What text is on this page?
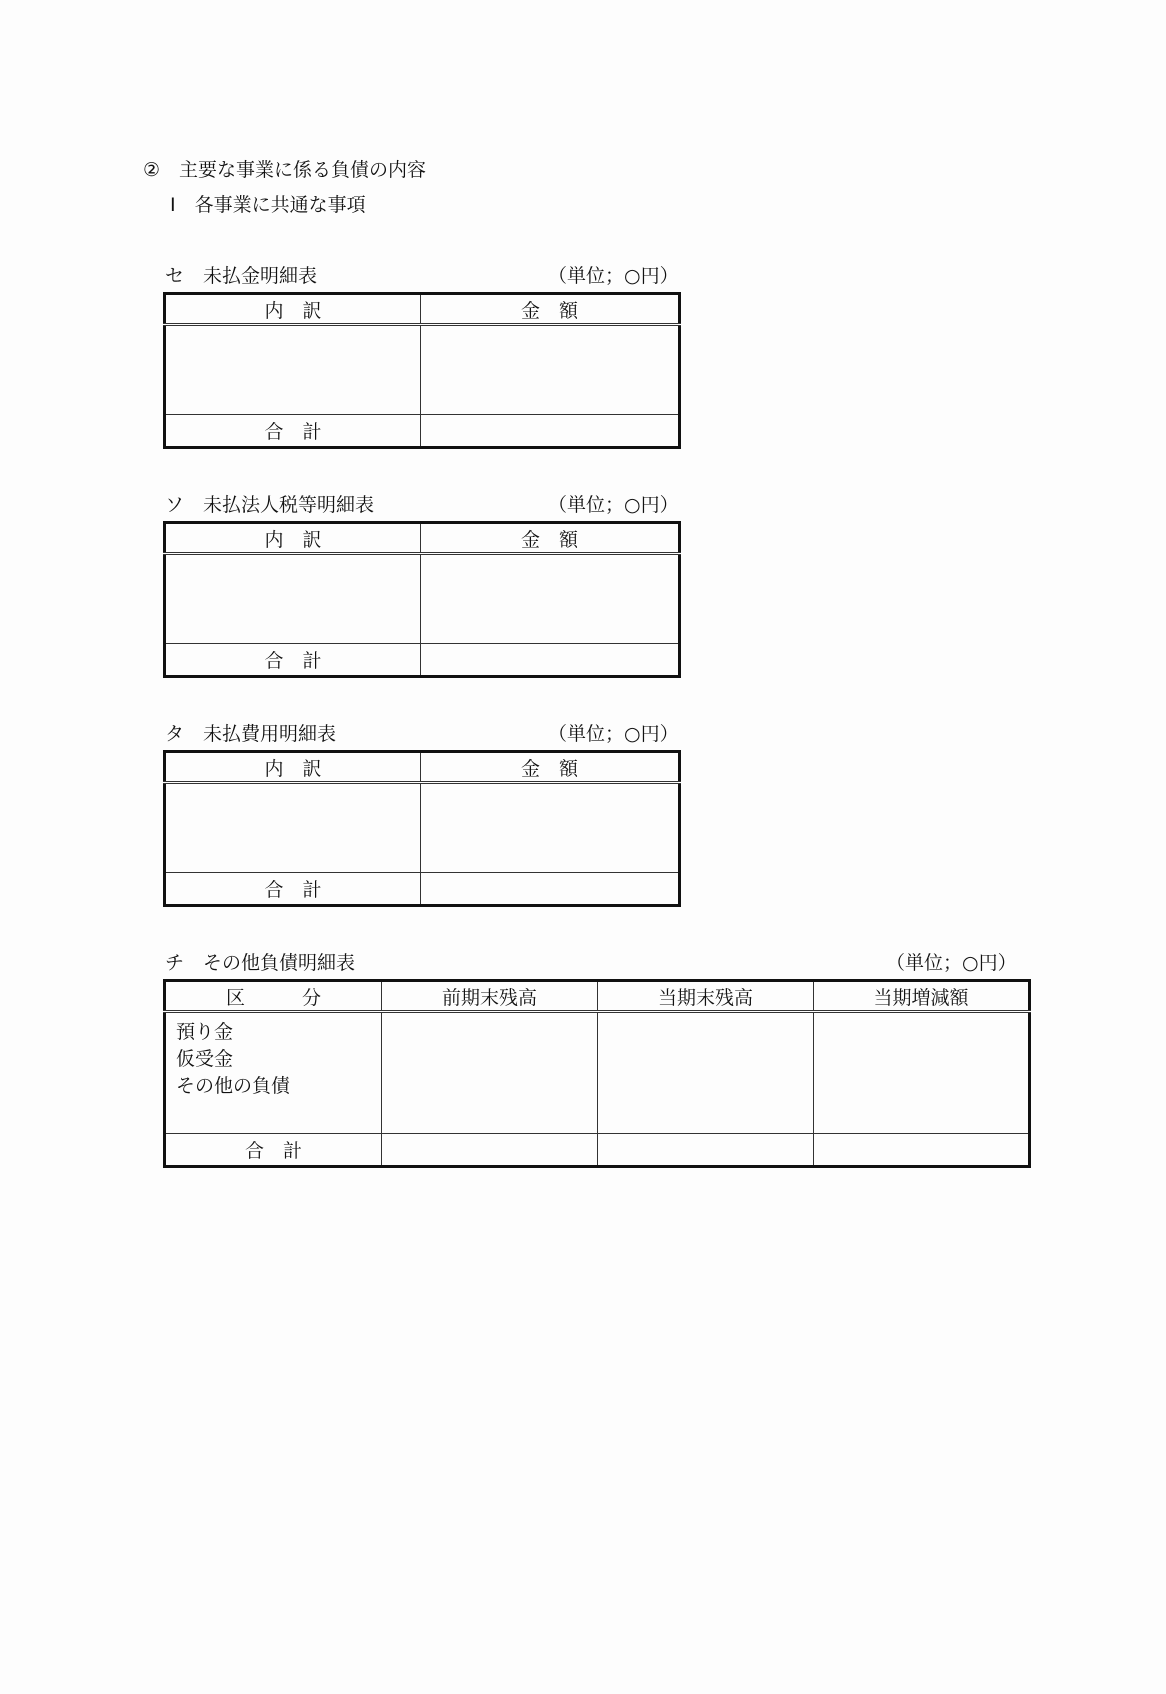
②　主要な事業に係る負債の内容
Ⅰ　各事業に共通な事項
セ　未払金明細表	（単位；○円）
内　訳	金　額

合　計	
ソ　未払法人税等明細表	（単位；○円）
内　訳	金　額

合　計	
タ　未払費用明細表	（単位；○円）
内　訳	金　額

合　計	
チ　その他負債明細表	（単位；○円）
区　　　分	前期末残高	当期末残高	当期増減額

預り金
仮受金
その他の負債			

合　計			
